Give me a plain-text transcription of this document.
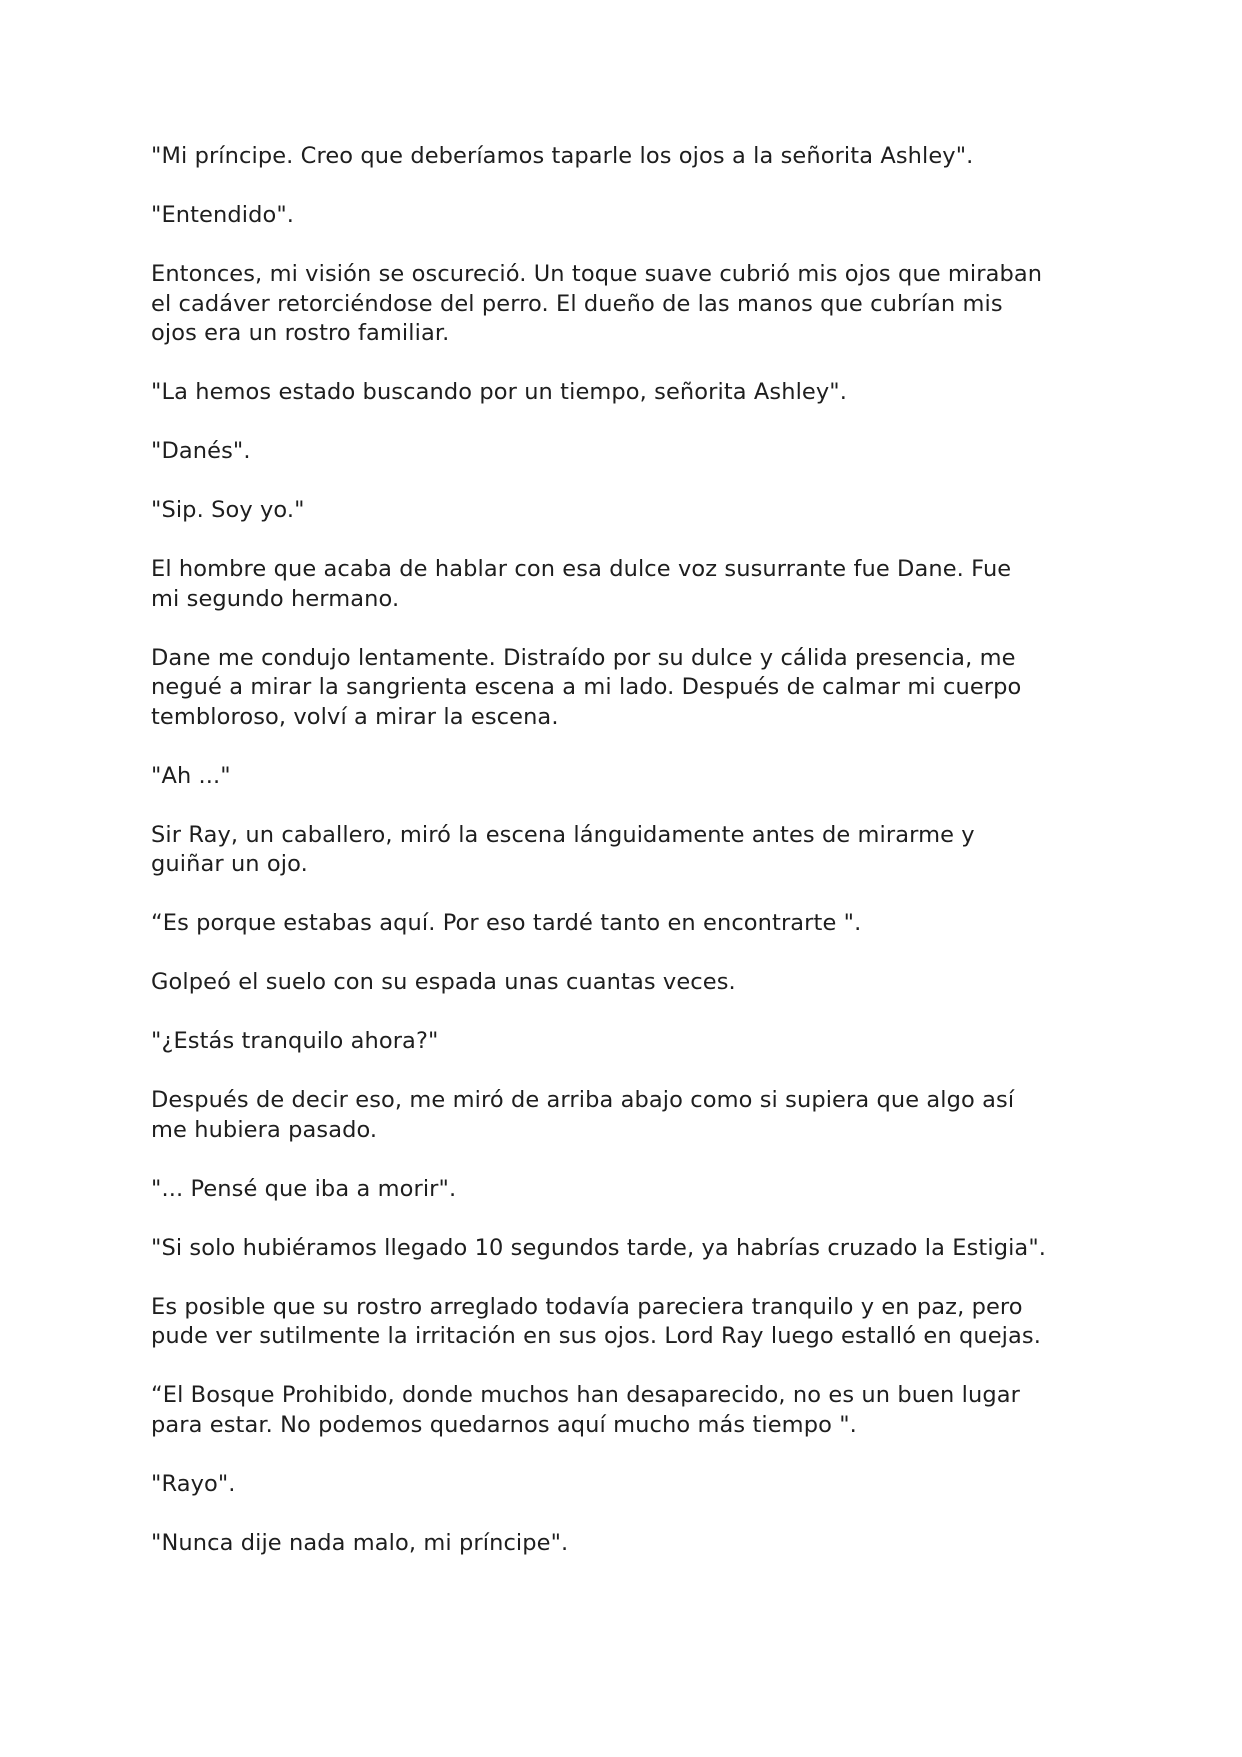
"Mi príncipe. Creo que deberíamos taparle los ojos a la señorita Ashley".

"Entendido".

Entonces, mi visión se oscureció. Un toque suave cubrió mis ojos que miraban
el cadáver retorciéndose del perro. El dueño de las manos que cubrían mis
ojos era un rostro familiar.

"La hemos estado buscando por un tiempo, señorita Ashley".

"Danés".

"Sip. Soy yo."

El hombre que acaba de hablar con esa dulce voz susurrante fue Dane. Fue
mi segundo hermano.

Dane me condujo lentamente. Distraído por su dulce y cálida presencia, me
negué a mirar la sangrienta escena a mi lado. Después de calmar mi cuerpo
tembloroso, volví a mirar la escena.

"Ah ..."

Sir Ray, un caballero, miró la escena lánguidamente antes de mirarme y
guiñar un ojo.

“Es porque estabas aquí. Por eso tardé tanto en encontrarte ".

Golpeó el suelo con su espada unas cuantas veces.

"¿Estás tranquilo ahora?"

Después de decir eso, me miró de arriba abajo como si supiera que algo así
me hubiera pasado.

"... Pensé que iba a morir".

"Si solo hubiéramos llegado 10 segundos tarde, ya habrías cruzado la Estigia".

Es posible que su rostro arreglado todavía pareciera tranquilo y en paz, pero
pude ver sutilmente la irritación en sus ojos. Lord Ray luego estalló en quejas.

“El Bosque Prohibido, donde muchos han desaparecido, no es un buen lugar
para estar. No podemos quedarnos aquí mucho más tiempo ".

"Rayo".

"Nunca dije nada malo, mi príncipe".
